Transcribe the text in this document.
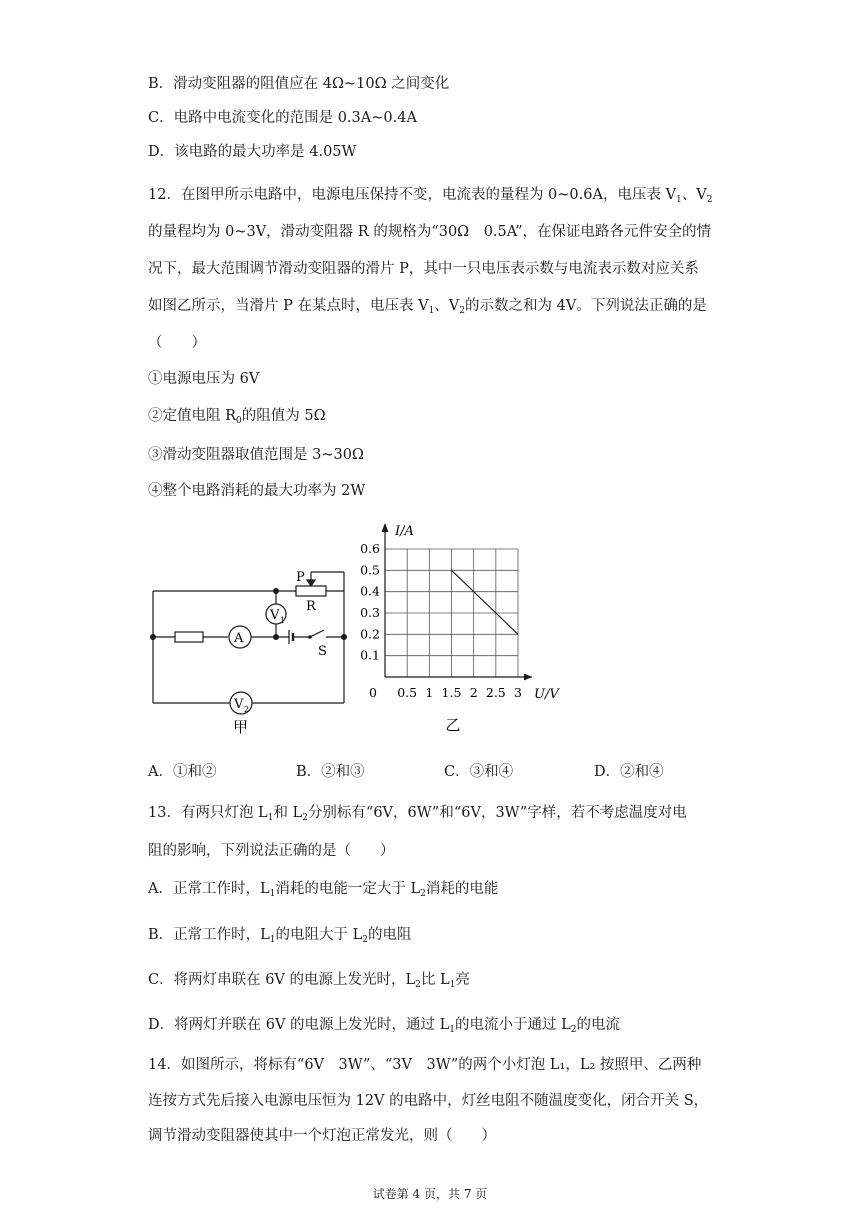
B．滑动变阻器的阻值应在 4Ω~10Ω 之间变化
C．电路中电流变化的范围是 0.3A~0.4A
D．该电路的最大功率是 4.05W
12．在图甲所示电路中，电源电压保持不变，电流表的量程为 0~0.6A，电压表 $V_1$、$V_2$
的量程均为 0~3V，滑动变阻器 R 的规格为“30Ω　0.5A”，在保证电路各元件安全的情
况下，最大范围调节滑动变阻器的滑片 P，其中一只电压表示数与电流表示数对应关系
如图乙所示，当滑片 P 在某点时，电压表 $V_1$、$V_2$的示数之和为 4V。下列说法正确的是
（　　）
①电源电压为 6V
②定值电阻 $R_0$的阻值为 5Ω
③滑动变阻器取值范围是 3~30Ω
④整个电路消耗的最大功率为 2W
P
R
V 1
A
S
V 2
甲
0 0.5 1 1.5 2 2.5 3
0.1
0.2
0.3
0.4
0.5
0.6
U/V
I/A
乙
A．①和②	B．②和③	C．③和④	D．②和④
13．有两只灯泡 $L_1$和 $L_2$分别标有“6V，6W”和“6V，3W”字样，若不考虑温度对电
阻的影响，下列说法正确的是（　　）
A．正常工作时，$L_1$消耗的电能一定大于 $L_2$消耗的电能
B．正常工作时，$L_1$的电阻大于 $L_2$的电阻
C．将两灯串联在 6V 的电源上发光时，$L_2$比 $L_1$亮
D．将两灯并联在 6V 的电源上发光时，通过 $L_1$的电流小于通过 $L_2$的电流
14．如图所示，将标有“6V　3W”、“3V　3W”的两个小灯泡 L₁，L₂ 按照甲、乙两种
连按方式先后接入电源电压恒为 12V 的电路中，灯丝电阻不随温度变化，闭合开关 S，
调节滑动变阻器使其中一个灯泡正常发光，则（　　）
试卷第 4 页，共 7 页
